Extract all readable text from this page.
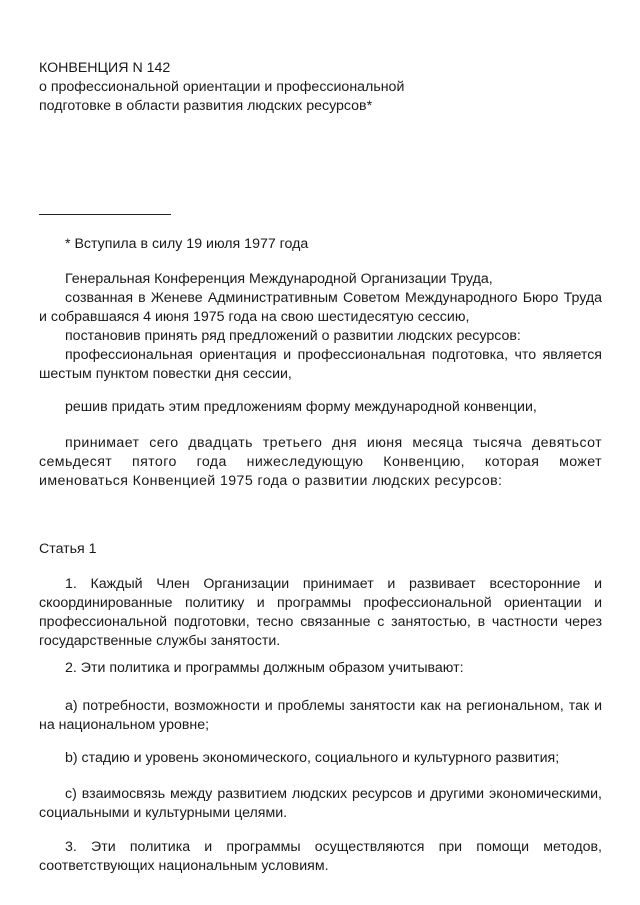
КОНВЕНЦИЯ N 142
о профессиональной ориентации и профессиональной
подготовке в области развития людских ресурсов*
* Вступила в силу 19 июля 1977 года
Генеральная Конференция Международной Организации Труда,
созванная в Женеве Административным Советом Международного Бюро Труда и собравшаяся 4 июня 1975 года на свою шестидесятую сессию,
постановив принять ряд предложений о развитии людских ресурсов:
профессиональная ориентация и профессиональная подготовка, что является шестым пунктом повестки дня сессии,
решив придать этим предложениям форму международной конвенции,
принимает сего двадцать третьего дня июня месяца тысяча девятьсот семьдесят пятого года нижеследующую Конвенцию, которая может именоваться Конвенцией 1975 года о развитии людских ресурсов:
Статья 1
1. Каждый Член Организации принимает и развивает всесторонние и скоординированные политику и программы профессиональной ориентации и профессиональной подготовки, тесно связанные с занятостью, в частности через государственные службы занятости.
2. Эти политика и программы должным образом учитывают:
a) потребности, возможности и проблемы занятости как на региональном, так и на национальном уровне;
b) стадию и уровень экономического, социального и культурного развития;
c) взаимосвязь между развитием людских ресурсов и другими экономическими, социальными и культурными целями.
3. Эти политика и программы осуществляются при помощи методов, соответствующих национальным условиям.
